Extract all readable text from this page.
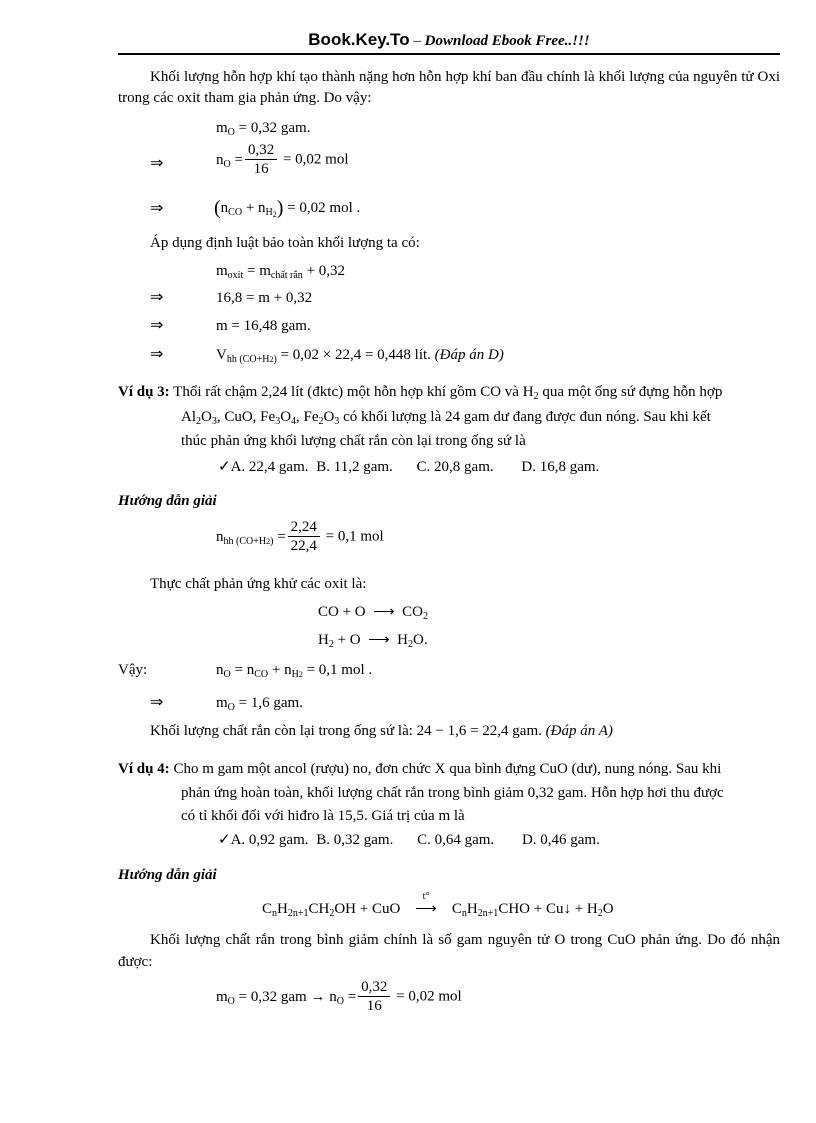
Book.Key.To – Download Ebook Free..!!!
Khối lượng hỗn hợp khí tạo thành nặng hơn hỗn hợp khí ban đầu chính là khối lượng của nguyên tử Oxi trong các oxit tham gia phản ứng. Do vậy:
$m_O = 0,32$ gam.
⇒	$n_O = \frac{0,32}{16} = 0,02$ mol
⇒	$(n_{CO} + n_{H_2}) = 0,02$ mol .
Áp dụng định luật bảo toàn khối lượng ta có:
$m_{oxit} = m_{chất rắn} + 0,32$
⇒	16,8 = m + 0,32
⇒	m = 16,48 gam.
⇒	$V_{hh (CO+H2)} = 0,02 \times 22,4 = 0,448$ lít. (Đáp án D)
Ví dụ 3: Thổi rất chậm 2,24 lít (đktc) một hỗn hợp khí gồm CO và $H_2$ qua một ống sứ đựng hỗn hợp
$Al_2O_3$, CuO, $Fe_3O_4$, $Fe_2O_3$ có khối lượng là 24 gam dư đang được đun nóng. Sau khi kết
thúc phản ứng khối lượng chất rắn còn lại trong ống sứ là
✓A. 22,4 gam. B. 11,2 gam. C. 20,8 gam. D. 16,8 gam.
Hướng dẫn giải
$n_{hh (CO+H2)} = \frac{2,24}{22,4} = 0,1$ mol
Thực chất phản ứng khử các oxit là:
CO + O ⟶ $CO_2$
$H_2 + O$ ⟶ $H_2O$.
Vậy:	$n_O = n_{CO} + n_{H2} = 0,1$ mol .
⇒	$m_O = 1,6$ gam.
Khối lượng chất rắn còn lại trong ống sứ là: 24 − 1,6 = 22,4 gam. (Đáp án A)
Ví dụ 4: Cho m gam một ancol (rượu) no, đơn chức X qua bình đựng CuO (dư), nung nóng. Sau khi
phản ứng hoàn toàn, khối lượng chất rắn trong bình giảm 0,32 gam. Hỗn hợp hơi thu được
có tỉ khối đối với hiđro là 15,5. Giá trị của m là
✓A. 0,92 gam. B. 0,32 gam. C. 0,64 gam. D. 0,46 gam.
Hướng dẫn giải
$C_nH_{2n+1}CH_2OH$ + CuO
t°
⟶ $C_nH_{2n+1}CHO$ + Cu↓ + $H_2O$
Khối lượng chất rắn trong bình giảm chính là số gam nguyên tử O trong CuO phản ứng. Do đó nhận được:
$m_O = 0,32$ gam → $n_O = \frac{0,32}{16} = 0,02$ mol
